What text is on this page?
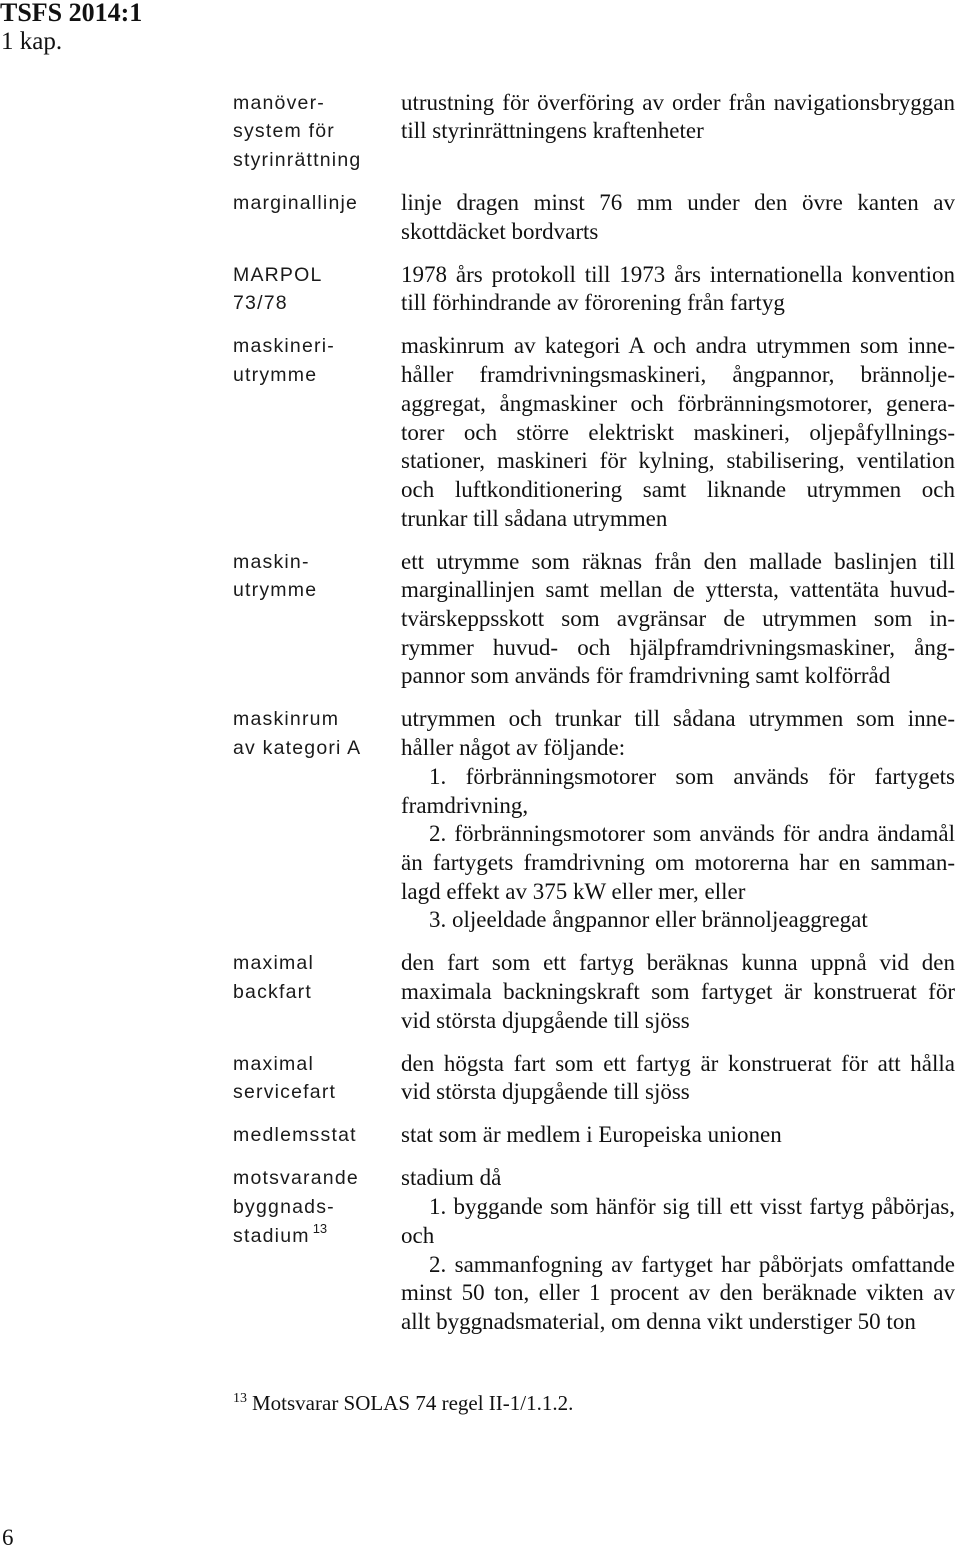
TSFS 2014:1
1 kap.
manöver-
system för
styrinrättning
utrustning för överföring av order från navigationsbryggan
till styrinrättningens kraftenheter
marginallinje	linje dragen minst 76 mm under den övre kanten av
skottdäcket bordvarts
MARPOL
73/78
1978 års protokoll till 1973 års internationella konvention
till förhindrande av förorening från fartyg
maskineri-
utrymme
maskinrum av kategori A och andra utrymmen som inne-
håller framdrivningsmaskineri, ångpannor, brännolje-
aggregat, ångmaskiner och förbränningsmotorer, genera-
torer och större elektriskt maskineri, oljepåfyllnings-
stationer, maskineri för kylning, stabilisering, ventilation
och luftkonditionering samt liknande utrymmen och
trunkar till sådana utrymmen
maskin-
utrymme
ett utrymme som räknas från den mallade baslinjen till
marginallinjen samt mellan de yttersta, vattentäta huvud-
tvärskeppsskott som avgränsar de utrymmen som in-
rymmer huvud- och hjälpframdrivningsmaskiner, ång-
pannor som används för framdrivning samt kolförråd
maskinrum
av kategori A
utrymmen och trunkar till sådana utrymmen som inne-
håller något av följande:
1. förbränningsmotorer som används för fartygets
framdrivning,
2. förbränningsmotorer som används för andra ändamål
än fartygets framdrivning om motorerna har en samman-
lagd effekt av 375 kW eller mer, eller
3. oljeeldade ångpannor eller brännoljeaggregat
maximal
backfart
den fart som ett fartyg beräknas kunna uppnå vid den
maximala backningskraft som fartyget är konstruerat för
vid största djupgående till sjöss
maximal
servicefart
den högsta fart som ett fartyg är konstruerat för att hålla
vid största djupgående till sjöss
medlemsstat	stat som är medlem i Europeiska unionen
motsvarande
byggnads-
stadium $^{13}$
stadium då
1. byggande som hänför sig till ett visst fartyg påbörjas,
och
2. sammanfogning av fartyget har påbörjats omfattande
minst 50 ton, eller 1 procent av den beräknade vikten av
allt byggnadsmaterial, om denna vikt understiger 50 ton
$^{13}$ Motsvarar SOLAS 74 regel II-1/1.1.2.
6
